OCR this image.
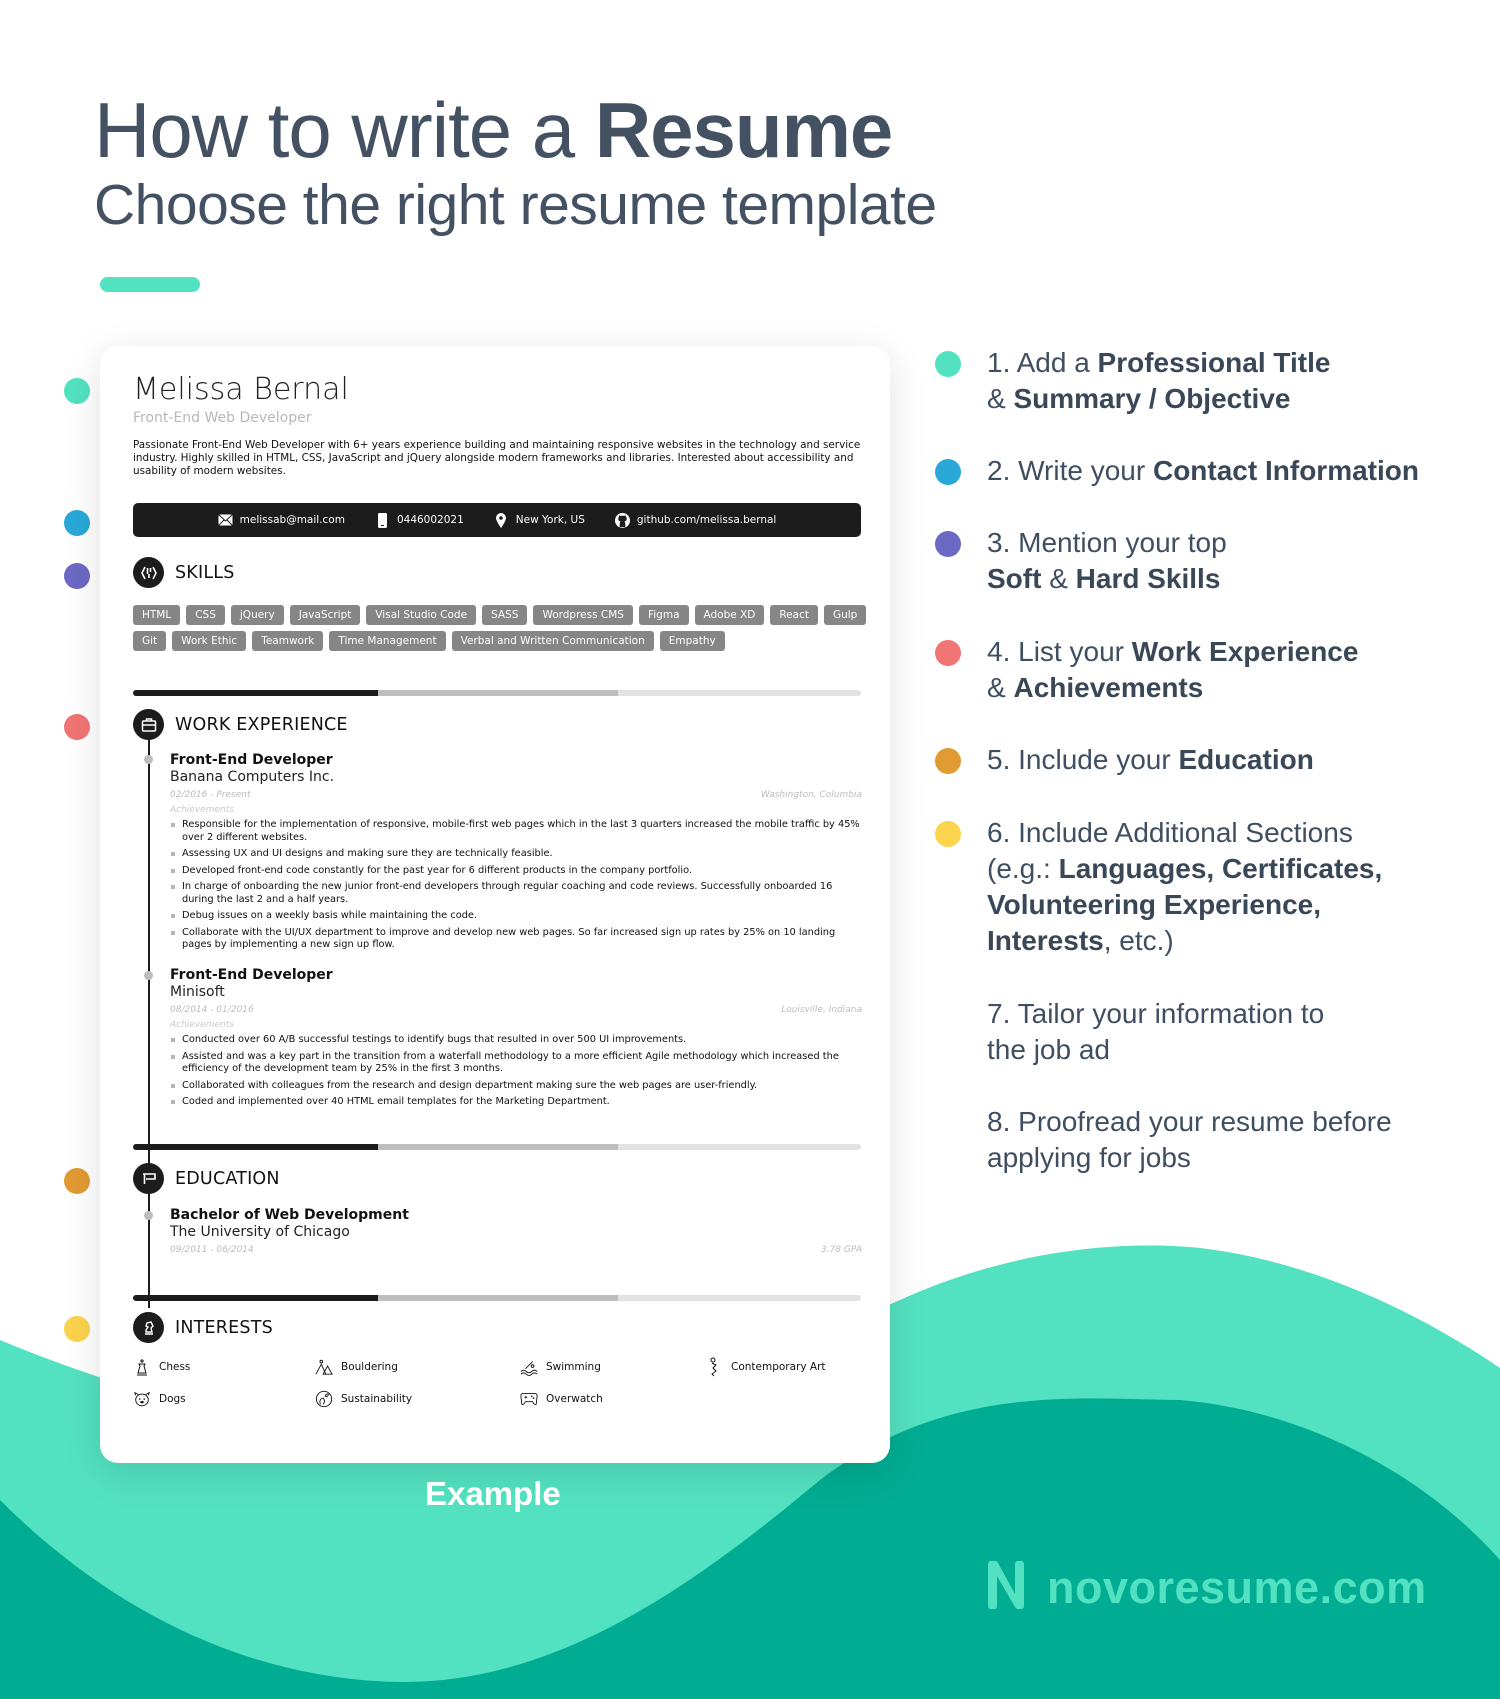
How to write a Resume
Choose the right resume template
Melissa Bernal
Front-End Web Developer
Passionate Front-End Web Developer with 6+ years experience building and maintaining responsive websites in the technology and service industry. Highly skilled in HTML, CSS, JavaScript and jQuery alongside modern frameworks and libraries. Interested about accessibility and usability of modern websites.
melissab@mail.com	0446002021	New York, US	github.com/melissa.bernal
SKILLS
HTML	CSS	jQuery	JavaScript	Visal Studio Code	SASS	Wordpress CMS	Figma	Adobe XD	React	Gulp
Git	Work Ethic	Teamwork	Time Management	Verbal and Written Communication	Empathy
WORK EXPERIENCE
Front-End Developer
Banana Computers Inc.
02/2016 - Present	Washington, Columbia
Achievements
Responsible for the implementation of responsive, mobile-first web pages which in the last 3 quarters increased the mobile traffic by 45% over 2 different websites.
Assessing UX and UI designs and making sure they are technically feasible.
Developed front-end code constantly for the past year for 6 different products in the company portfolio.
In charge of onboarding the new junior front-end developers through regular coaching and code reviews. Successfully onboarded 16 during the last 2 and a half years.
Debug issues on a weekly basis while maintaining the code.
Collaborate with the UI/UX department to improve and develop new web pages. So far increased sign up rates by 25% on 10 landing pages by implementing a new sign up flow.
Front-End Developer
Minisoft
08/2014 - 01/2016	Louisville, Indiana
Achievements
Conducted over 60 A/B successful testings to identify bugs that resulted in over 500 UI improvements.
Assisted and was a key part in the transition from a waterfall methodology to a more efficient Agile methodology which increased the efficiency of the development team by 25% in the first 3 months.
Collaborated with colleagues from the research and design department making sure the web pages are user-friendly.
Coded and implemented over 40 HTML email templates for the Marketing Department.
EDUCATION
Bachelor of Web Development
The University of Chicago
09/2011 - 06/2014	3.78 GPA
INTERESTS
Chess	Bouldering	Swimming	Contemporary Art
Dogs	Sustainability	Overwatch
Example
1. Add a Professional Title
& Summary / Objective
2. Write your Contact Information
3. Mention your top
Soft & Hard Skills
4. List your Work Experience
& Achievements
5. Include your Education
6. Include Additional Sections
(e.g.: Languages, Certificates,
Volunteering Experience,
Interests, etc.)
7. Tailor your information to
the job ad
8. Proofread your resume before
applying for jobs
novoresume.com
